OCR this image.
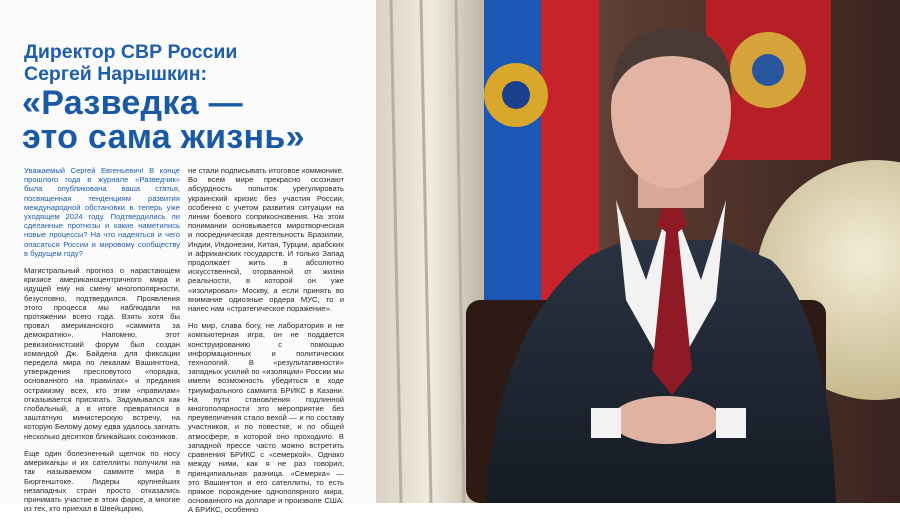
Директор СВР России
Сергей Нарышкин:
«Разведка —
это сама жизнь»

Уважаемый Сергей Евгеньевич! В конце прошлого года в журнале «Разведчик» была опубликована ваша статья, посвященная тенденциям развития международной обстановки в теперь уже уходящем 2024 году. Подтвердились ли сделанные прогнозы и какие наметились новые процессы? На что надеяться и чего опасаться России и мировому сообществу в будущем году?

Магистральный прогноз о нарастающем кризисе американоцентричного мира и идущей ему на смену многополярности, безусловно, подтвердился. Проявления этого процесса мы наблюдали на протяжении всего года. Взять хотя бы провал американского «саммита за демократию». Напомню, этот ревизионистский форум был создан командой Дж. Байдена для фиксации передела мира по лекалам Вашингтона, утверждения пресловутого «порядка, основанного на правилах» и предания остракизму всех, кто этим «правилам» отказывается присягать. Задумывался как глобальный, а в итоге превратился в заштатную министерскую встречу, на которую Белому дому едва удалось загнать несколько десятков ближайших союзников.

Еще один болезненный щелчок по носу американцы и их сателлиты получили на так называемом саммите мира в Бюргенштоке. Лидеры крупнейших незападных стран просто отказались принимать участие в этом фарсе, а многие из тех, кто приехал в Швейцарию,

не стали подписывать итоговое коммюнике. Во всем мире прекрасно осознают абсурдность попыток урегулировать украинский кризис без участия России, особенно с учетом развития ситуации на линии боевого соприкосновения. На этом понимании основывается миротворческая и посредническая деятельность Бразилии, Индии, Индонезии, Китая, Турции, арабских и африканских государств. И только Запад продолжает жить в абсолютно искусственной, оторванной от жизни реальности, в которой он уже «изолировал» Москву, а если принять во внимание одиозные ордера МУС, то и нанес нам «стратегическое поражение».

Но мир, слава богу, не лаборатория и не компьютерная игра, он не поддается конструированию с помощью информационных и политических технологий. В «результативности» западных усилий по «изоляции» России мы имели возможность убедиться в ходе триумфального саммита БРИКС в Казани. На пути становления подлинной многополярности это мероприятие без преувеличения стало вехой — и по составу участников, и по повестке, и по общей атмосфере, в которой оно проходило. В западной прессе часто можно встретить сравнения БРИКС с «семеркой». Однако между ними, как я не раз говорил, принципиальная разница. «Семерка» — это Вашингтон и его сателлиты, то есть прямое порождение однополярного мира, основанного на долларе и произволе США. А БРИКС, особенно
